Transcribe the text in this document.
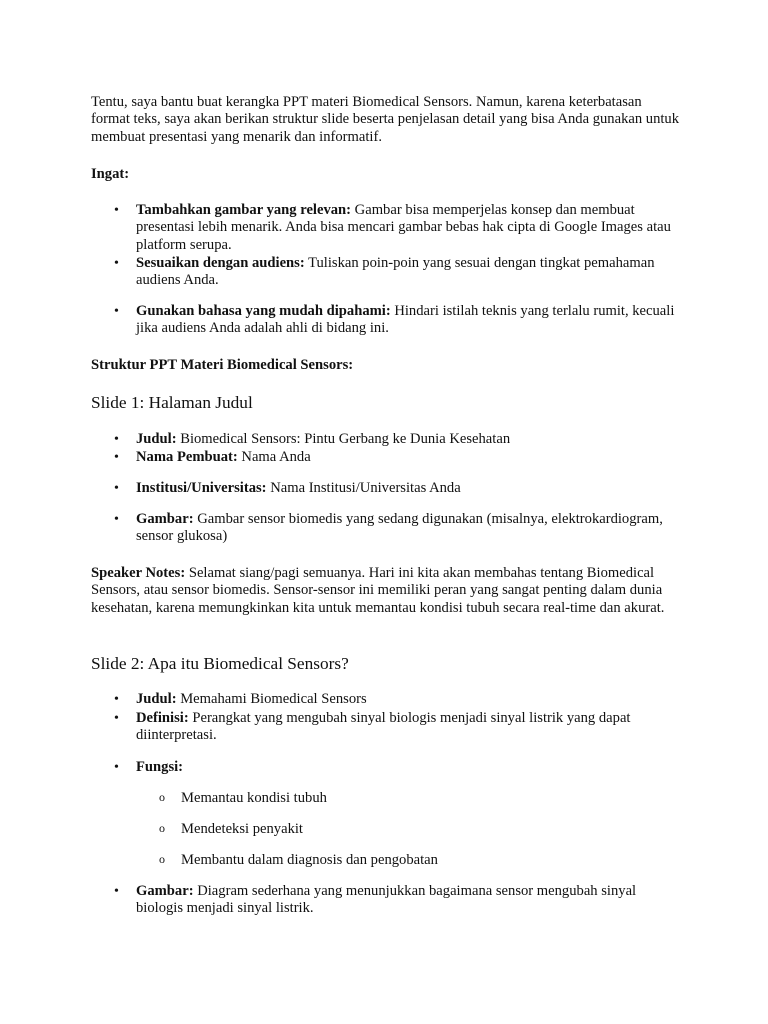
Tentu, saya bantu buat kerangka PPT materi Biomedical Sensors. Namun, karena keterbatasan format teks, saya akan berikan struktur slide beserta penjelasan detail yang bisa Anda gunakan untuk membuat presentasi yang menarik dan informatif.

Ingat:

• Tambahkan gambar yang relevan: Gambar bisa memperjelas konsep dan membuat presentasi lebih menarik. Anda bisa mencari gambar bebas hak cipta di Google Images atau platform serupa.

• Sesuaikan dengan audiens: Tuliskan poin-poin yang sesuai dengan tingkat pemahaman audiens Anda.

• Gunakan bahasa yang mudah dipahami: Hindari istilah teknis yang terlalu rumit, kecuali jika audiens Anda adalah ahli di bidang ini.

Struktur PPT Materi Biomedical Sensors:

Slide 1: Halaman Judul

• Judul: Biomedical Sensors: Pintu Gerbang ke Dunia Kesehatan

• Nama Pembuat: Nama Anda

• Institusi/Universitas: Nama Institusi/Universitas Anda

• Gambar: Gambar sensor biomedis yang sedang digunakan (misalnya, elektrokardiogram, sensor glukosa)

Speaker Notes: Selamat siang/pagi semuanya. Hari ini kita akan membahas tentang Biomedical Sensors, atau sensor biomedis. Sensor-sensor ini memiliki peran yang sangat penting dalam dunia kesehatan, karena memungkinkan kita untuk memantau kondisi tubuh secara real-time dan akurat.

Slide 2: Apa itu Biomedical Sensors?

• Judul: Memahami Biomedical Sensors

• Definisi: Perangkat yang mengubah sinyal biologis menjadi sinyal listrik yang dapat diinterpretasi.

• Fungsi:

o Memantau kondisi tubuh

o Mendeteksi penyakit

o Membantu dalam diagnosis dan pengobatan

• Gambar: Diagram sederhana yang menunjukkan bagaimana sensor mengubah sinyal biologis menjadi sinyal listrik.
